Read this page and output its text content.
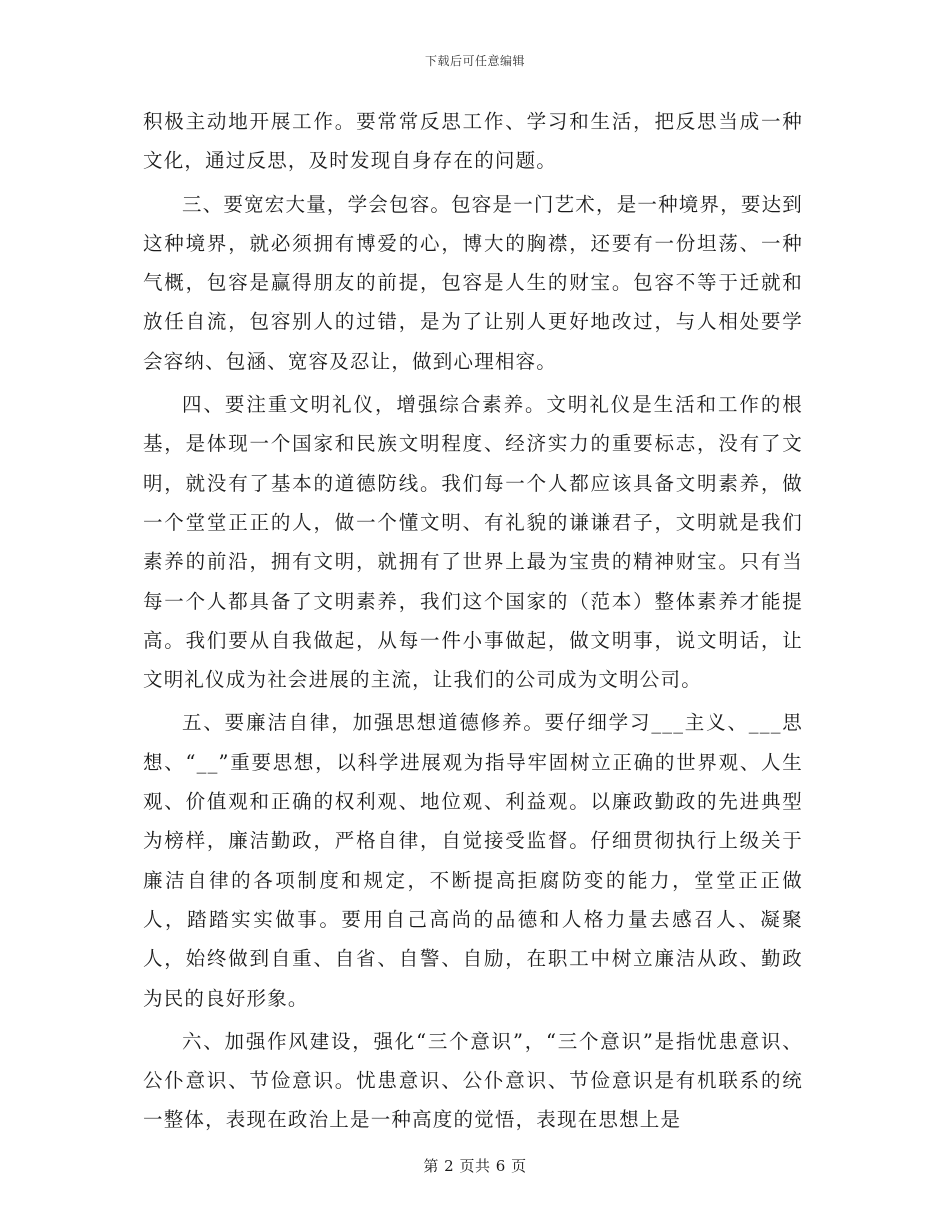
下载后可任意编辑

积极主动地开展工作。要常常反思工作、学习和生活，把反思当成一种文化，通过反思，及时发现自身存在的问题。

三、要宽宏大量，学会包容。包容是一门艺术，是一种境界，要达到这种境界，就必须拥有博爱的心，博大的胸襟，还要有一份坦荡、一种气概，包容是赢得朋友的前提，包容是人生的财宝。包容不等于迁就和放任自流，包容别人的过错，是为了让别人更好地改过，与人相处要学会容纳、包涵、宽容及忍让，做到心理相容。

四、要注重文明礼仪，增强综合素养。文明礼仪是生活和工作的根基，是体现一个国家和民族文明程度、经济实力的重要标志，没有了文明，就没有了基本的道德防线。我们每一个人都应该具备文明素养，做一个堂堂正正的人，做一个懂文明、有礼貌的谦谦君子，文明就是我们素养的前沿，拥有文明，就拥有了世界上最为宝贵的精神财宝。只有当每一个人都具备了文明素养，我们这个国家的（范本）整体素养才能提高。我们要从自我做起，从每一件小事做起，做文明事，说文明话，让文明礼仪成为社会进展的主流，让我们的公司成为文明公司。

五、要廉洁自律，加强思想道德修养。要仔细学习___主义、___思想、“__”重要思想，以科学进展观为指导牢固树立正确的世界观、人生观、价值观和正确的权利观、地位观、利益观。以廉政勤政的先进典型为榜样，廉洁勤政，严格自律，自觉接受监督。仔细贯彻执行上级关于廉洁自律的各项制度和规定，不断提高拒腐防变的能力，堂堂正正做人，踏踏实实做事。要用自己高尚的品德和人格力量去感召人、凝聚人，始终做到自重、自省、自警、自励，在职工中树立廉洁从政、勤政为民的良好形象。

六、加强作风建设，强化“三个意识”，“三个意识”是指忧患意识、公仆意识、节俭意识。忧患意识、公仆意识、节俭意识是有机联系的统一整体，表现在政治上是一种高度的觉悟，表现在思想上是

第 2 页共 6 页
